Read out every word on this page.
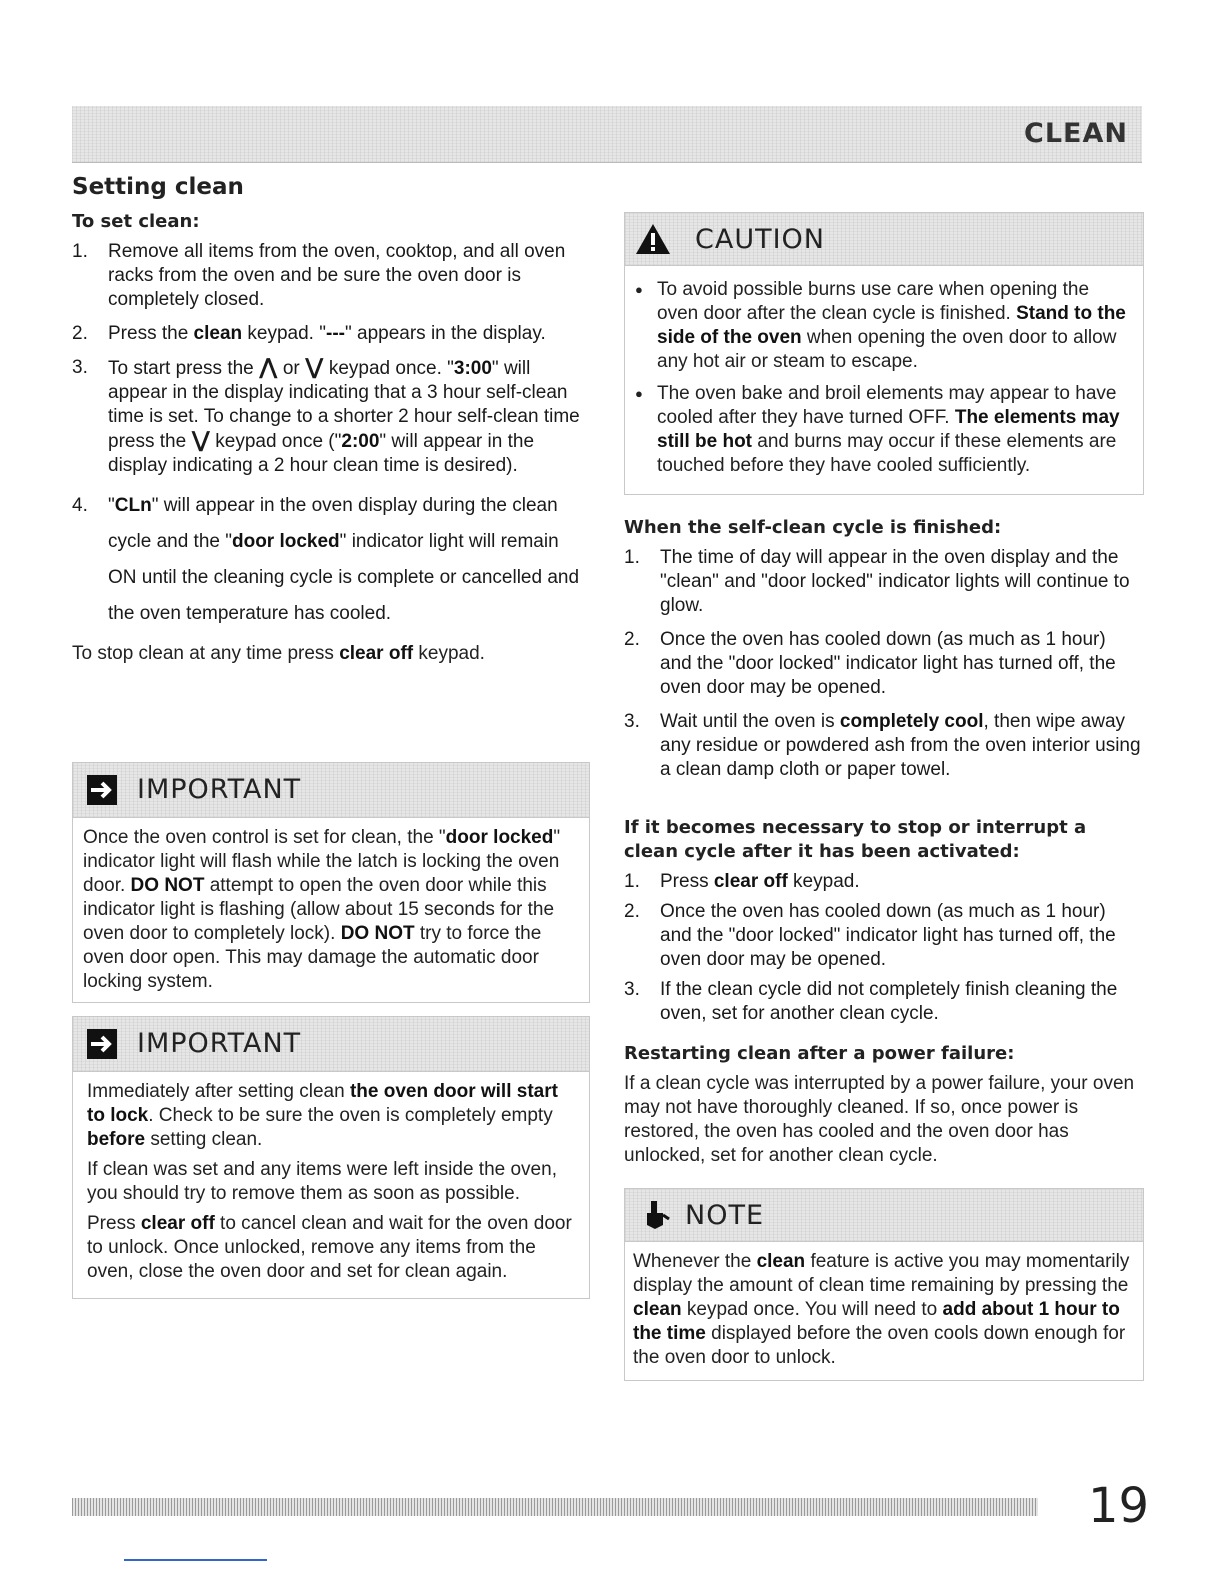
CLEAN
Setting clean
To set clean:
1. Remove all items from the oven, cooktop, and all oven racks from the oven and be sure the oven door is completely closed.
2. Press the clean keypad. "---" appears in the display.
3. To start press the ⋀ or ⋁ keypad once. "3:00" will appear in the display indicating that a 3 hour self-clean time is set. To change to a shorter 2 hour self-clean time press the ⋁ keypad once ("2:00" will appear in the display indicating a 2 hour clean time is desired).
4. "CLn" will appear in the oven display during the clean cycle and the "door locked" indicator light will remain ON until the cleaning cycle is complete or cancelled and the oven temperature has cooled.
To stop clean at any time press clear off keypad.
IMPORTANT
Once the oven control is set for clean, the "door locked" indicator light will flash while the latch is locking the oven door. DO NOT attempt to open the oven door while this indicator light is flashing (allow about 15 seconds for the oven door to completely lock). DO NOT try to force the oven door open. This may damage the automatic door locking system.
IMPORTANT

Immediately after setting clean the oven door will start to lock. Check to be sure the oven is completely empty before setting clean.

If clean was set and any items were left inside the oven, you should try to remove them as soon as possible.

Press clear off to cancel clean and wait for the oven door to unlock. Once unlocked, remove any items from the oven, close the oven door and set for clean again.

CAUTION
● To avoid possible burns use care when opening the oven door after the clean cycle is finished. Stand to the side of the oven when opening the oven door to allow any hot air or steam to escape.
● The oven bake and broil elements may appear to have cooled after they have turned OFF. The elements may still be hot and burns may occur if these elements are touched before they have cooled sufficiently.
When the self-clean cycle is finished:
1. The time of day will appear in the oven display and the "clean" and "door locked" indicator lights will continue to glow.
2. Once the oven has cooled down (as much as 1 hour) and the "door locked" indicator light has turned off, the oven door may be opened.
3. Wait until the oven is completely cool, then wipe away any residue or powdered ash from the oven interior using a clean damp cloth or paper towel.
If it becomes necessary to stop or interrupt a clean cycle after it has been activated:
1. Press clear off keypad.
2. Once the oven has cooled down (as much as 1 hour) and the "door locked" indicator light has turned off, the oven door may be opened.
3. If the clean cycle did not completely finish cleaning the oven, set for another clean cycle.
Restarting clean after a power failure:
If a clean cycle was interrupted by a power failure, your oven may not have thoroughly cleaned. If so, once power is restored, the oven has cooled and the oven door has unlocked, set for another clean cycle.
NOTE
Whenever the clean feature is active you may momentarily display the amount of clean time remaining by pressing the clean keypad once. You will need to add about 1 hour to the time displayed before the oven cools down enough for the oven door to unlock.
19
